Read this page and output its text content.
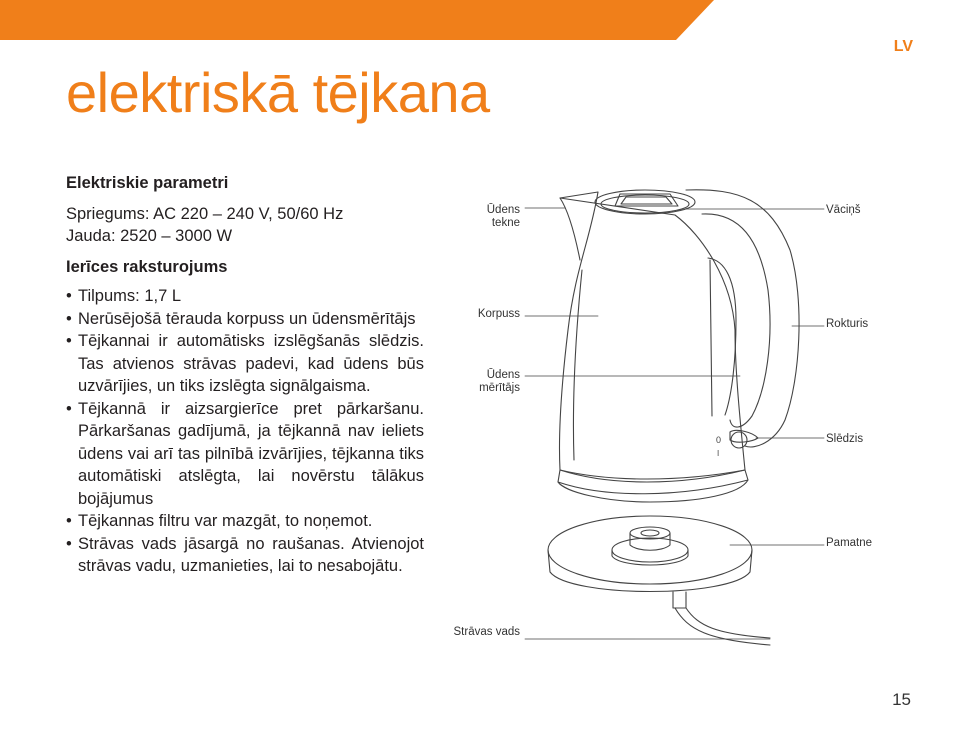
LV
elektriskā tējkana
Elektriskie parametri

Spriegums: AC 220 – 240 V, 50/60 Hz

Jauda: 2520 – 3000 W

Ierīces raksturojums
• Tilpums: 1,7 L
• Nerūsējošā tērauda korpuss un ūdensmērītājs
• Tējkannai ir automātisks izslēgšanās slēdzis. Tas atvienos strāvas padevi, kad ūdens būs uzvārījies, un tiks izslēgta signālgaisma.
• Tējkannā ir aizsargierīce pret pārkaršanu. Pārkaršanas gadījumā, ja tējkannā nav ieliets ūdens vai arī tas pilnībā izvārījies, tējkanna tiks automātiski atslēgta, lai novērstu tālākus bojājumus
• Tējkannas filtru var mazgāt, to noņemot.
• Strāvas vads jāsargā no raušanas. Atvienojot strāvas vadu, uzmanieties, lai to nesabojātu.
0
I
Ūdens
tekne
Korpuss
Ūdens
mērītājs
Strāvas vads
Vāciņš
Rokturis
Slēdzis
Pamatne
15
